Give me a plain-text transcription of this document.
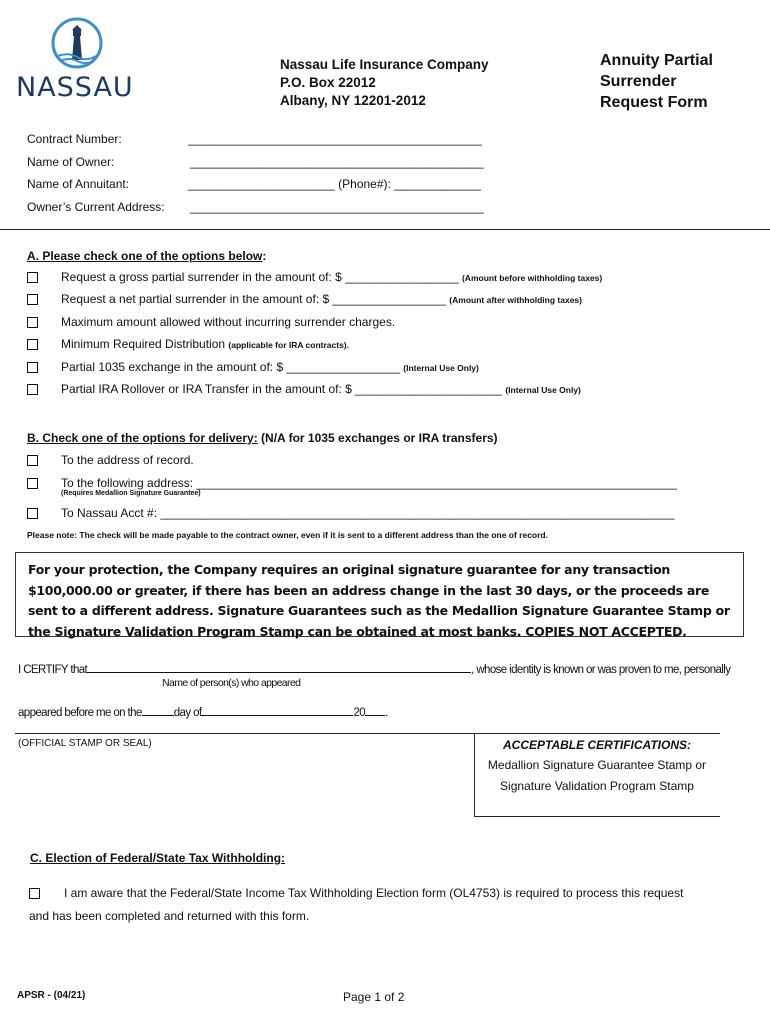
NASSAU
Nassau Life Insurance Company
P.O. Box 22012
Albany, NY 12201-2012
Annuity Partial
Surrender
Request Form
Contract Number:	____________________________________________
Name of Owner:	____________________________________________
Name of Annuitant:	______________________ (Phone#): _____________
Owner’s Current Address: ____________________________________________
A. Please check one of the options below:
Request a gross partial surrender in the amount of: $ _________________ (Amount before withholding taxes)
Request a net partial surrender in the amount of: $ _________________ (Amount after withholding taxes)
Maximum amount allowed without incurring surrender charges.
Minimum Required Distribution (applicable for IRA contracts).
Partial 1035 exchange in the amount of: $ _________________ (Internal Use Only)
Partial IRA Rollover or IRA Transfer in the amount of: $ ______________________ (Internal Use Only)
B. Check one of the options for delivery: (N/A for 1035 exchanges or IRA transfers)
To the address of record.
To the following address: ________________________________________________________________________
(Requires Medallion Signature Guarantee)
To Nassau Acct #: _____________________________________________________________________________
Please note: The check will be made payable to the contract owner, even if it is sent to a different address than the one of record.

For your protection, the Company requires an original signature guarantee for any transaction $100,000.00 or greater, if there has been an address change in the last 30 days, or the proceeds are sent to a different address. Signature Guarantees such as the Medallion Signature Guarantee Stamp or the Signature Validation Program Stamp can be obtained at most banks. COPIES NOT ACCEPTED.

I CERTIFY that	, whose identity is known or was proven to me, personally
Name of person(s) who appeared
appeared before me on the	day of	20 .
(OFFICIAL STAMP OR SEAL)	ACCEPTABLE CERTIFICATIONS:
Medallion Signature Guarantee Stamp or
Signature Validation Program Stamp
C. Election of Federal/State Tax Withholding:
I am aware that the Federal/State Income Tax Withholding Election form (OL4753) is required to process this request
and has been completed and returned with this form.
APSR - (04/21)	Page 1 of 2
